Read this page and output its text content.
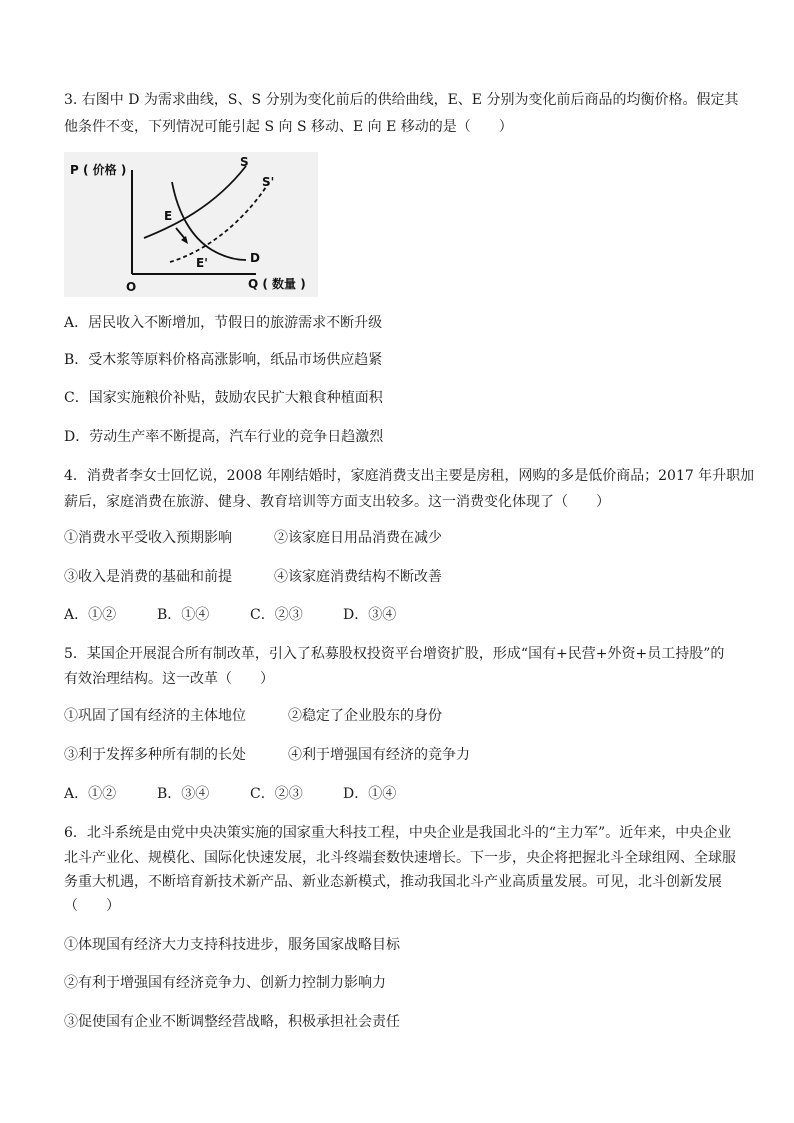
3. 右图中 D 为需求曲线，S、S 分别为变化前后的供给曲线，E、E 分别为变化前后商品的均衡价格。假定其
他条件不变，下列情况可能引起 S 向 S 移动、E 向 E 移动的是（　　）
P ( 价格 )
S
S'
E
E'	D
O	Q ( 数量 )
A．居民收入不断增加，节假日的旅游需求不断升级
B．受木浆等原料价格高涨影响，纸品市场供应趋紧
C．国家实施粮价补贴，鼓励农民扩大粮食种植面积
D．劳动生产率不断提高，汽车行业的竞争日趋激烈
4．消费者李女士回忆说，2008 年刚结婚时，家庭消费支出主要是房租，网购的多是低价商品；2017 年升职加
薪后，家庭消费在旅游、健身、教育培训等方面支出较多。这一消费变化体现了（　　）
①消费水平受收入预期影响	②该家庭日用品消费在减少
③收入是消费的基础和前提	④该家庭消费结构不断改善
A．①②	B．①④	C．②③	D．③④
5．某国企开展混合所有制改革，引入了私募股权投资平台增资扩股，形成“国有+民营+外资+员工持股”的
有效治理结构。这一改革（　　）
①巩固了国有经济的主体地位	②稳定了企业股东的身份
③利于发挥多种所有制的长处	④利于增强国有经济的竞争力
A．①②	B．③④	C．②③	D．①④
6．北斗系统是由党中央决策实施的国家重大科技工程，中央企业是我国北斗的“主力军”。近年来，中央企业
北斗产业化、规模化、国际化快速发展，北斗终端套数快速增长。下一步，央企将把握北斗全球组网、全球服
务重大机遇，不断培育新技术新产品、新业态新模式，推动我国北斗产业高质量发展。可见，北斗创新发展
（　　）
①体现国有经济大力支持科技进步，服务国家战略目标
②有利于增强国有经济竞争力、创新力控制力影响力
③促使国有企业不断调整经营战略，积极承担社会责任
